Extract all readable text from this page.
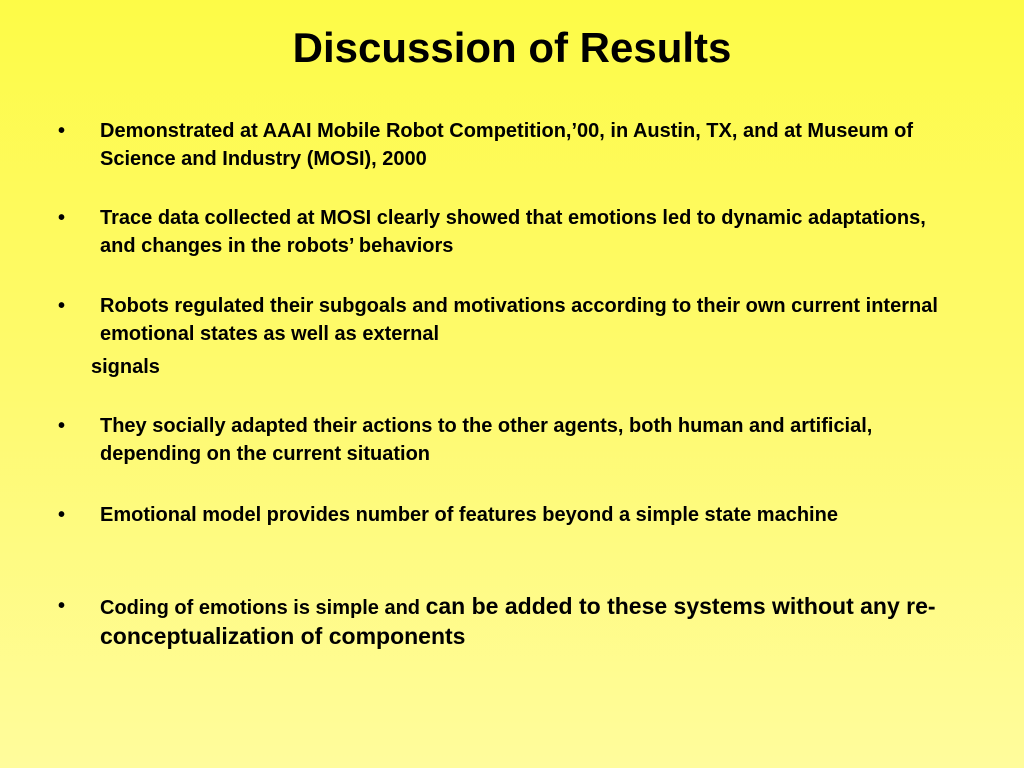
Discussion of Results
• Demonstrated at AAAI Mobile Robot Competition,’00, in Austin, TX, and at Museum of Science and Industry (MOSI), 2000
• Trace data collected at MOSI clearly showed that emotions led to dynamic adaptations, and changes in the robots’ behaviors
• Robots regulated their subgoals and motivations according to their own current internal emotional states as well as external
signals
• They socially adapted their actions to the other agents, both human and artificial, depending on the current situation
• Emotional model provides number of features beyond a simple state machine
• Coding of emotions is simple and can be added to these systems without any re-conceptualization of components
